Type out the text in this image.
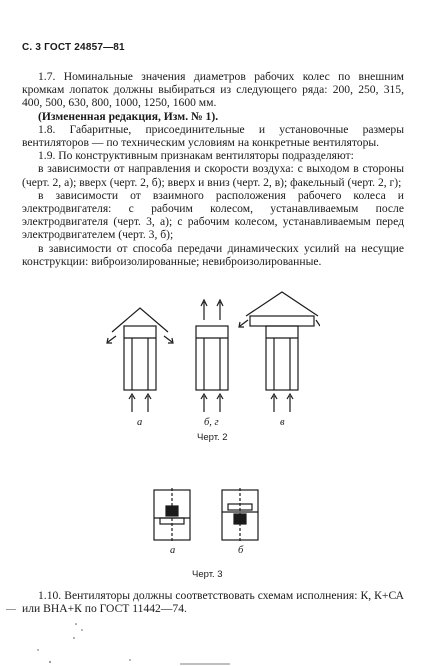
С. 3 ГОСТ 24857—81

1.7. Номинальные значения диаметров рабочих колес по внешним кромкам лопаток должны выбираться из следующего ряда: 200, 250, 315, 400, 500, 630, 800, 1000, 1250, 1600 мм.

(Измененная редакция, Изм. № 1).

1.8. Габаритные, присоединительные и установочные размеры вентиляторов — по техническим условиям на конкретные вентиляторы.

1.9. По конструктивным признакам вентиляторы подразделяют:

в зависимости от направления и скорости воздуха: с выходом в стороны (черт. 2, а); вверх (черт. 2, б); вверх и вниз (черт. 2, в); факельный (черт. 2, г);

в зависимости от взаимного расположения рабочего колеса и электродвигателя: с рабочим колесом, устанавливаемым после электродвигателя (черт. 3, а); с рабочим колесом, устанавливаемым перед электродвигателем (черт. 3, б);

в зависимости от способа передачи динамических усилий на несущие конструкции: виброизолированные; невиброизолированные.

а	б, г	в
Черт. 2
а	б
Черт. 3

1.10. Вентиляторы должны соответствовать схемам исполнения: К, К+СА или ВНА+К по ГОСТ 11442—74.

—
